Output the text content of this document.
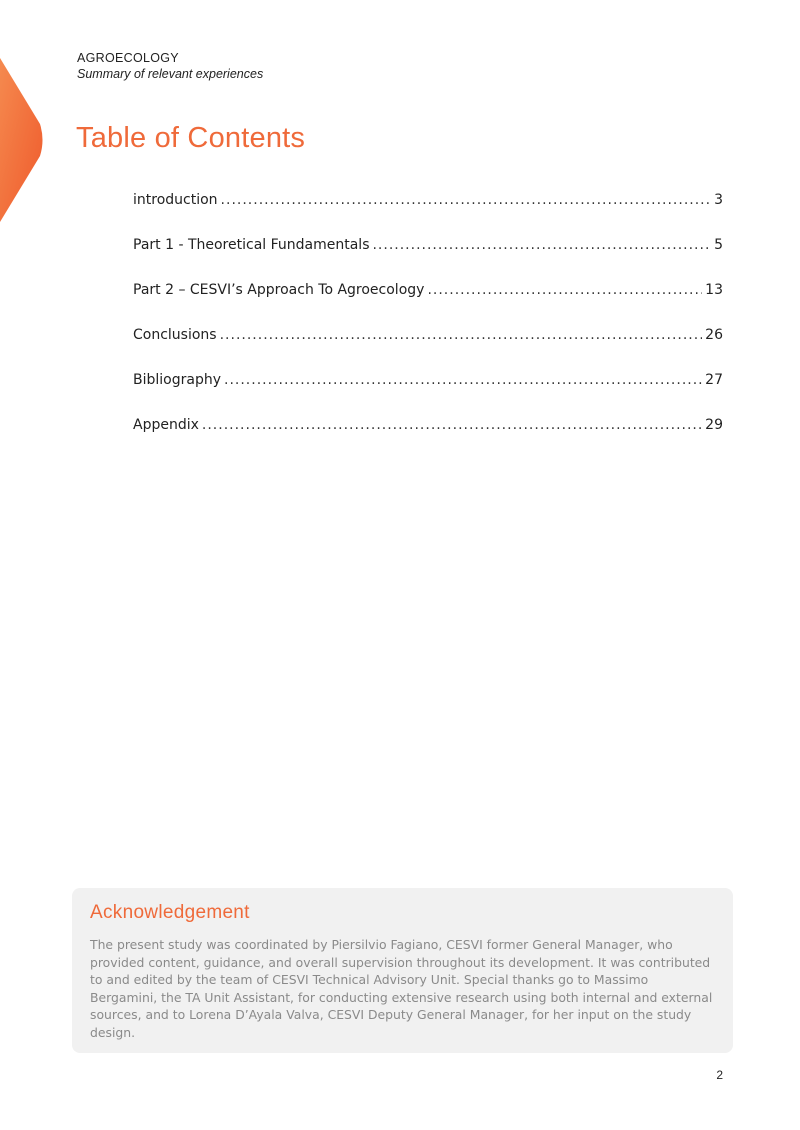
AGROECOLOGY
Summary of relevant experiences
Table of Contents
introduction .....	3
Part 1 - Theoretical Fundamentals .....	5
Part 2 – CESVI’s Approach To Agroecology .....	13
Conclusions .....	26
Bibliography .....	27
Appendix .....	29
Acknowledgement

The present study was coordinated by Piersilvio Fagiano, CESVI former General Manager, who provided content, guidance, and overall supervision throughout its development. It was contributed to and edited by the team of CESVI Technical Advisory Unit. Special thanks go to Massimo Bergamini, the TA Unit Assistant, for conducting extensive research using both internal and external sources, and to Lorena D’Ayala Valva, CESVI Deputy General Manager, for her input on the study design.

2
